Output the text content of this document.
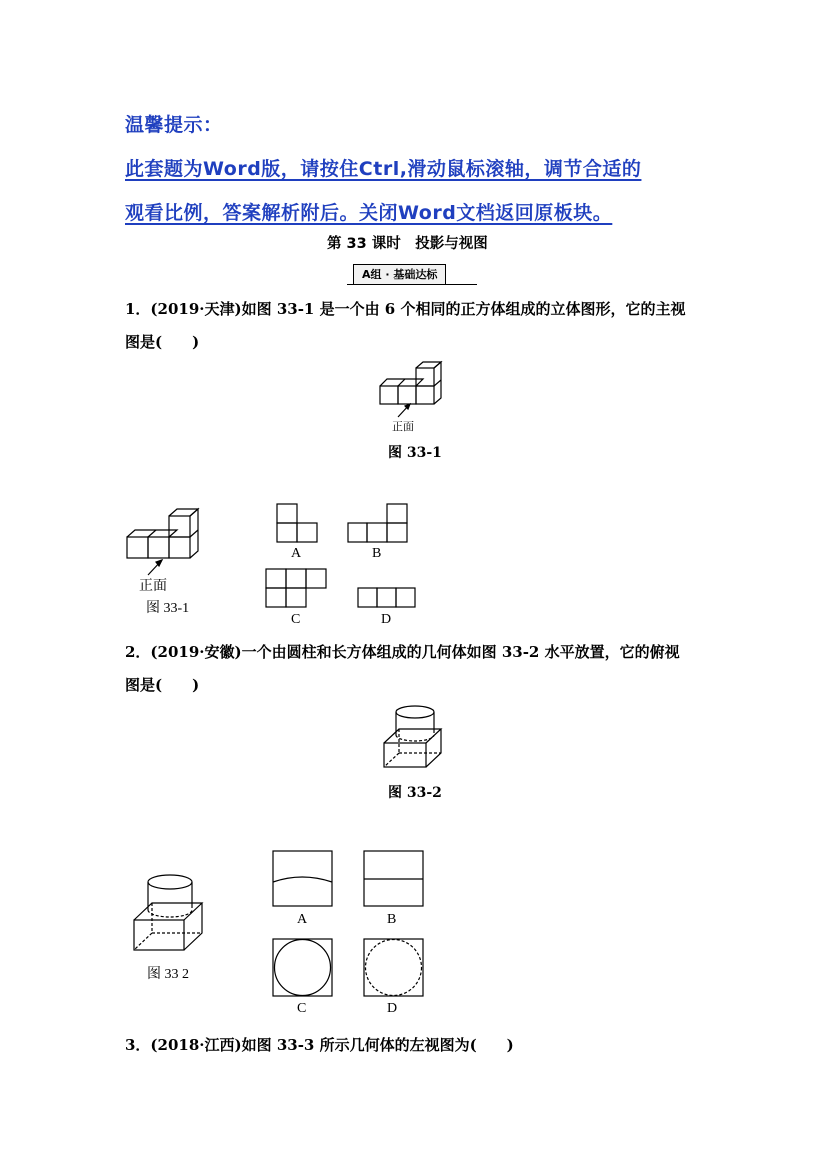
温馨提示：
此套题为Word版，请按住Ctrl,滑动鼠标滚轴，调节合适的
观看比例，答案解析附后。关闭Word文档返回原板块。
第 33 课时　投影与视图
A组 · 基础达标
1．(2019·天津)如图 33-1 是一个由 6 个相同的正方体组成的立体图形，它的主视
图是(　　)
正面
图 33-1
正面
图 33-1
A	B
C	D
2．(2019·安徽)一个由圆柱和长方体组成的几何体如图 33-2 水平放置，它的俯视
图是(　　)
图 33-2
图 33 2
A	B
C	D
3．(2018·江西)如图 33-3 所示几何体的左视图为(　　)
